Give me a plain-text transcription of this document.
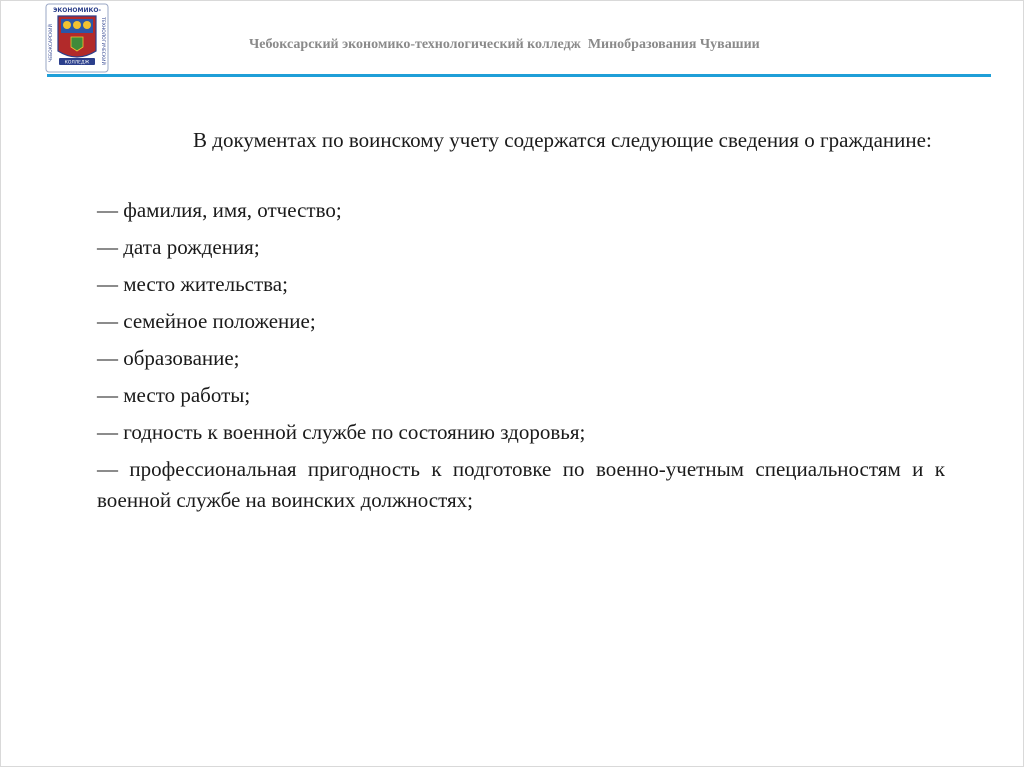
ЭКОНОМИКО-
ЧЕБОКСАРСКИЙ	ТЕХНОЛОГИЧЕСКИЙ
КОЛЛЕДЖ
Чебоксарский экономико-технологический колледж  Минобразования Чувашии

В документах по воинскому учету содержатся следующие сведения о гражданине:

— фамилия, имя, отчество;
— дата рождения;
— место жительства;
— семейное положение;
— образование;
— место работы;
— годность к военной службе по состоянию здоровья;
— профессиональная пригодность к подготовке по военно-учетным специальностям и к военной службе на воинских должностях;
